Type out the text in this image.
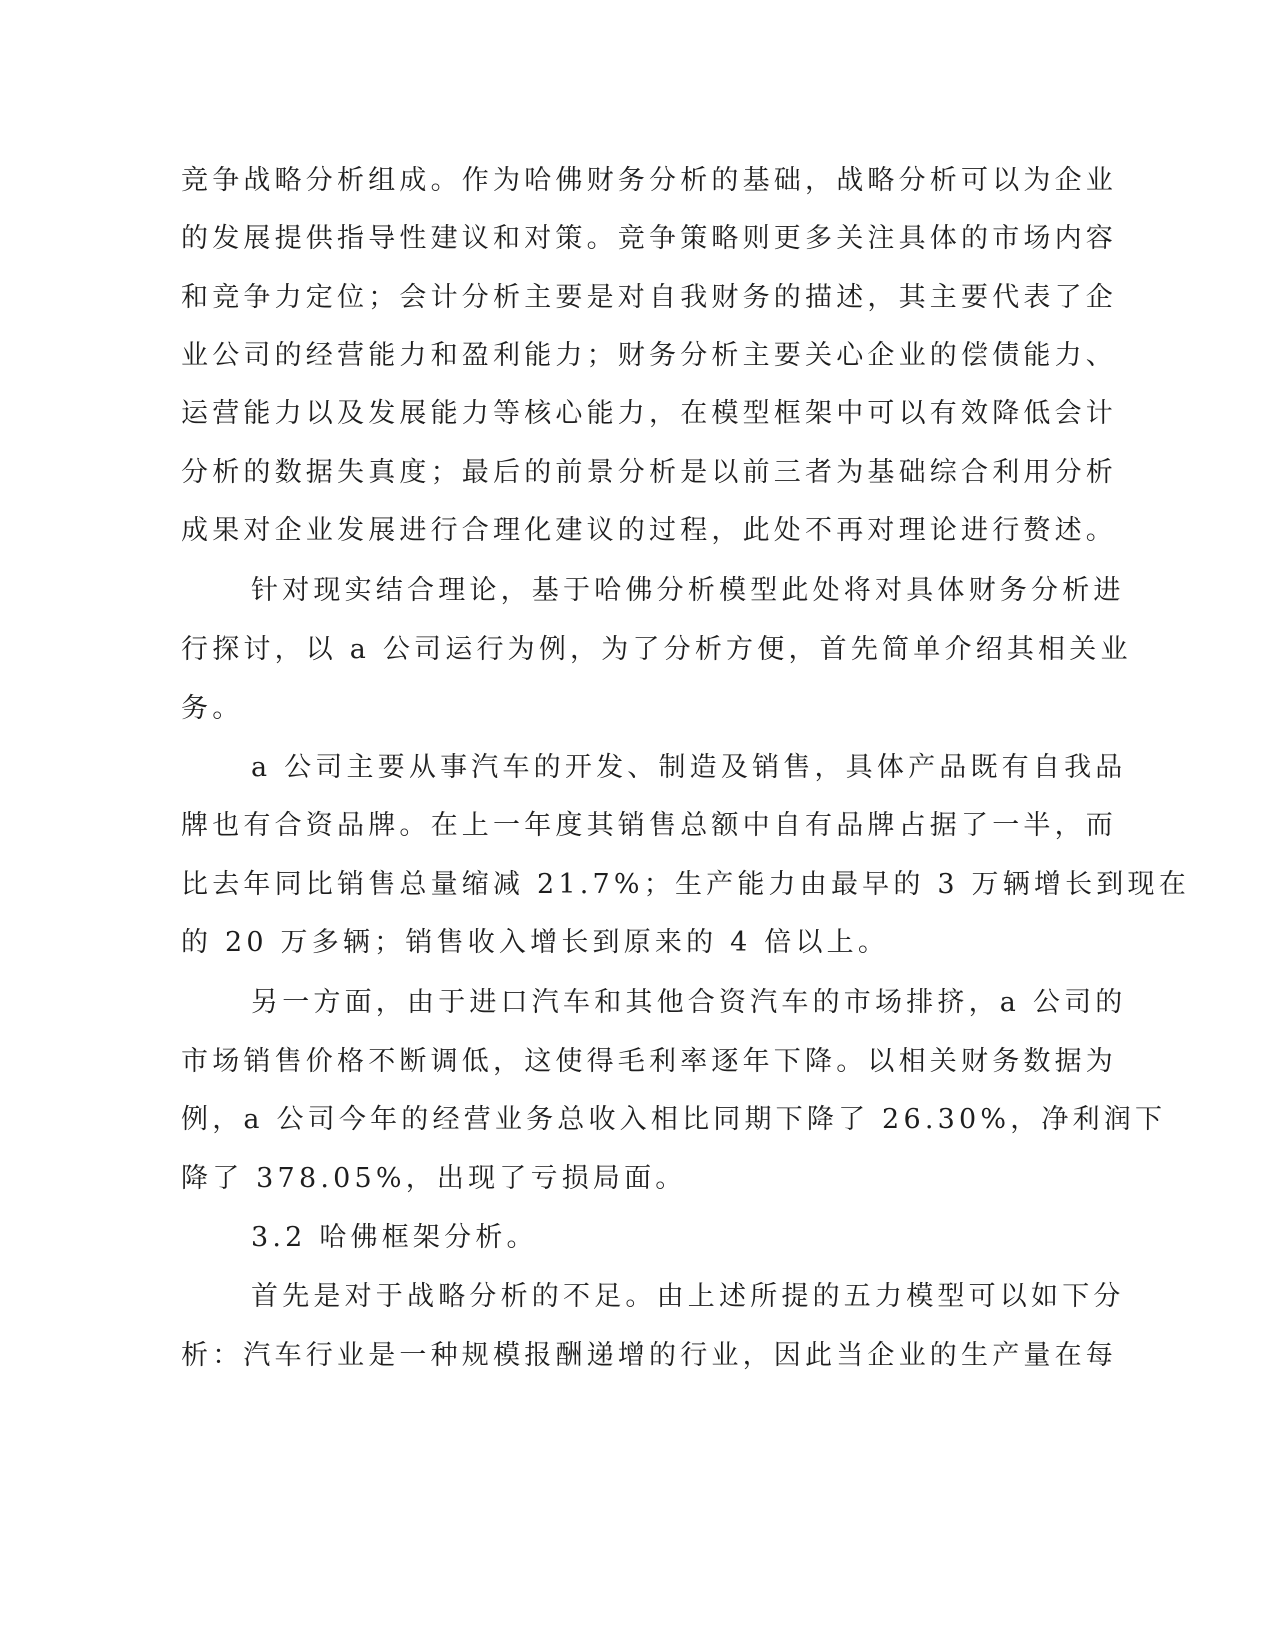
竞争战略分析组成。作为哈佛财务分析的基础，战略分析可以为企业
的发展提供指导性建议和对策。竞争策略则更多关注具体的市场内容
和竞争力定位；会计分析主要是对自我财务的描述，其主要代表了企
业公司的经营能力和盈利能力；财务分析主要关心企业的偿债能力、
运营能力以及发展能力等核心能力，在模型框架中可以有效降低会计
分析的数据失真度；最后的前景分析是以前三者为基础综合利用分析
成果对企业发展进行合理化建议的过程，此处不再对理论进行赘述。
针对现实结合理论，基于哈佛分析模型此处将对具体财务分析进
行探讨，以 a 公司运行为例，为了分析方便，首先简单介绍其相关业
务。
a 公司主要从事汽车的开发、制造及销售，具体产品既有自我品
牌也有合资品牌。在上一年度其销售总额中自有品牌占据了一半，而
比去年同比销售总量缩减 21.7%；生产能力由最早的 3 万辆增长到现在
的 20 万多辆；销售收入增长到原来的 4 倍以上。
另一方面，由于进口汽车和其他合资汽车的市场排挤，a 公司的
市场销售价格不断调低，这使得毛利率逐年下降。以相关财务数据为
例，a 公司今年的经营业务总收入相比同期下降了 26.30%，净利润下
降了 378.05%，出现了亏损局面。
3.2 哈佛框架分析。
首先是对于战略分析的不足。由上述所提的五力模型可以如下分
析：汽车行业是一种规模报酬递增的行业，因此当企业的生产量在每
